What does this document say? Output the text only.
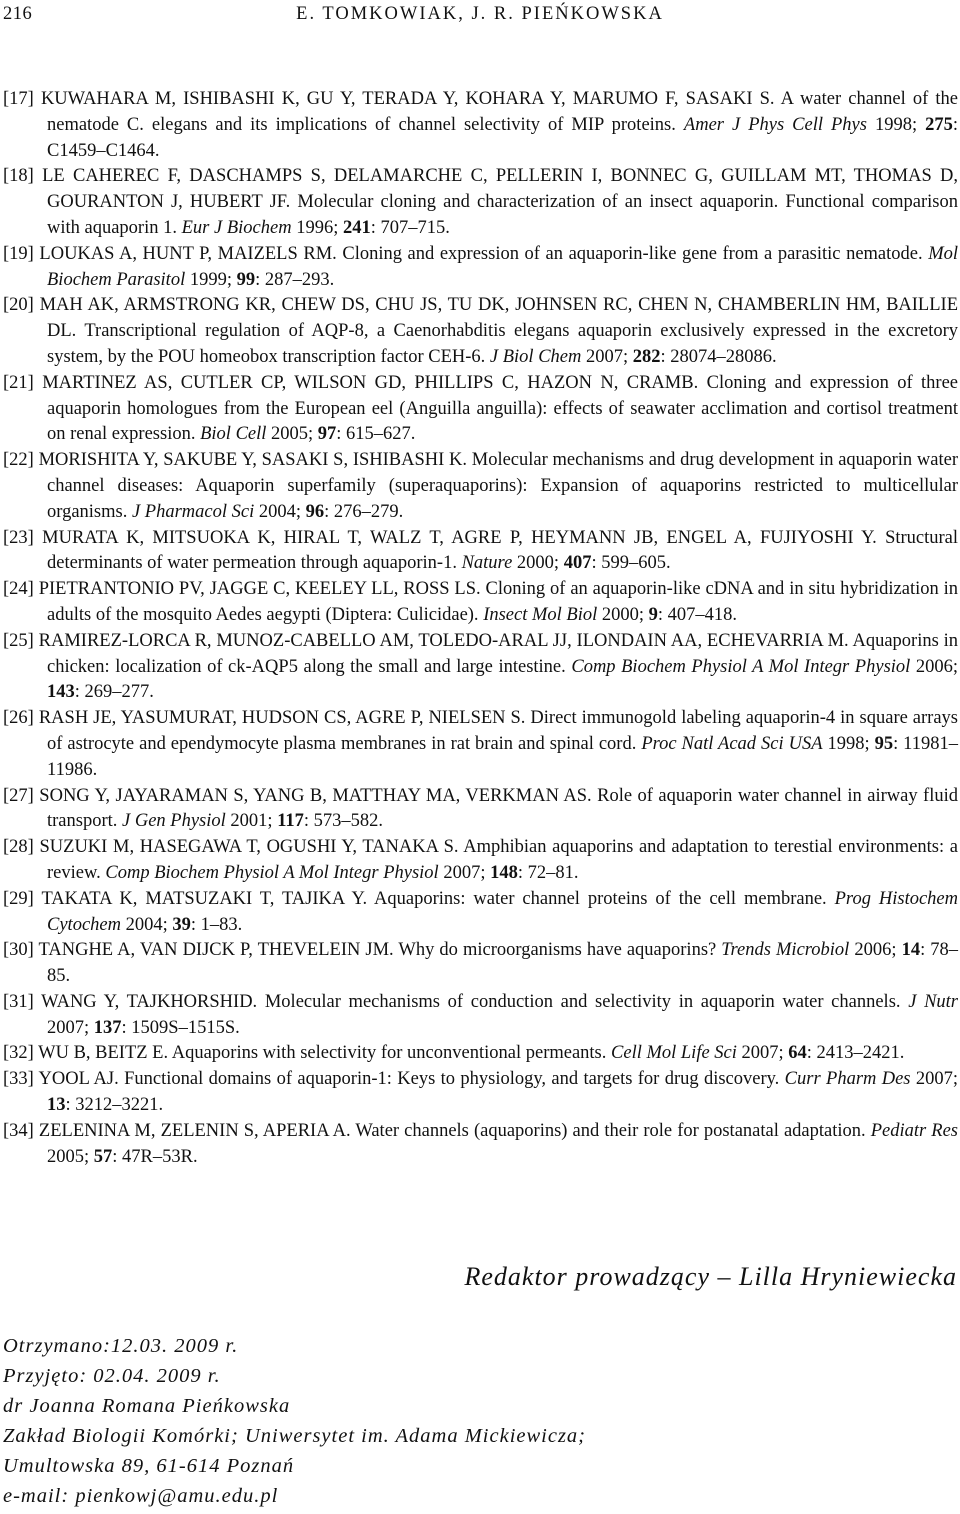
216	E. TOMKOWIAK, J. R. PIEŃKOWSKA

[17] KUWAHARA M, ISHIBASHI K, GU Y, TERADA Y, KOHARA Y, MARUMO F, SASAKI S. A water channel of the nematode C. elegans and its implications of channel selectivity of MIP proteins. Amer J Phys Cell Phys 1998; 275: C1459–C1464.

[18] LE CAHEREC F, DASCHAMPS S, DELAMARCHE C, PELLERIN I, BONNEC G, GUILLAM MT, THOMAS D, GOURANTON J, HUBERT JF. Molecular cloning and characterization of an insect aquaporin. Functional comparison with aquaporin 1. Eur J Biochem 1996; 241: 707–715.

[19] LOUKAS A, HUNT P, MAIZELS RM. Cloning and expression of an aquaporin-like gene from a parasitic nematode. Mol Biochem Parasitol 1999; 99: 287–293.

[20] MAH AK, ARMSTRONG KR, CHEW DS, CHU JS, TU DK, JOHNSEN RC, CHEN N, CHAMBERLIN HM, BAILLIE DL. Transcriptional regulation of AQP-8, a Caenorhabditis elegans aquaporin exclusively expressed in the excretory system, by the POU homeobox transcription factor CEH-6. J Biol Chem 2007; 282: 28074–28086.

[21] MARTINEZ AS, CUTLER CP, WILSON GD, PHILLIPS C, HAZON N, CRAMB. Cloning and expression of three aquaporin homologues from the European eel (Anguilla anguilla): effects of seawater acclimation and cortisol treatment on renal expression. Biol Cell 2005; 97: 615–627.

[22] MORISHITA Y, SAKUBE Y, SASAKI S, ISHIBASHI K. Molecular mechanisms and drug development in aquaporin water channel diseases: Aquaporin superfamily (superaquaporins): Expansion of aquaporins restricted to multicellular organisms. J Pharmacol Sci 2004; 96: 276–279.

[23] MURATA K, MITSUOKA K, HIRAL T, WALZ T, AGRE P, HEYMANN JB, ENGEL A, FUJIYOSHI Y. Structural determinants of water permeation through aquaporin-1. Nature 2000; 407: 599–605.

[24] PIETRANTONIO PV, JAGGE C, KEELEY LL, ROSS LS. Cloning of an aquaporin-like cDNA and in situ hybridization in adults of the mosquito Aedes aegypti (Diptera: Culicidae). Insect Mol Biol 2000; 9: 407–418.

[25] RAMIREZ-LORCA R, MUNOZ-CABELLO AM, TOLEDO-ARAL JJ, ILONDAIN AA, ECHEVARRIA M. Aquaporins in chicken: localization of ck-AQP5 along the small and large intestine. Comp Biochem Physiol A Mol Integr Physiol 2006; 143: 269–277.

[26] RASH JE, YASUMURAT, HUDSON CS, AGRE P, NIELSEN S. Direct immunogold labeling aquaporin-4 in square arrays of astrocyte and ependymocyte plasma membranes in rat brain and spinal cord. Proc Natl Acad Sci USA 1998; 95: 11981–11986.

[27] SONG Y, JAYARAMAN S, YANG B, MATTHAY MA, VERKMAN AS. Role of aquaporin water channel in airway fluid transport. J Gen Physiol 2001; 117: 573–582.

[28] SUZUKI M, HASEGAWA T, OGUSHI Y, TANAKA S. Amphibian aquaporins and adaptation to terestial environments: a review. Comp Biochem Physiol A Mol Integr Physiol 2007; 148: 72–81.

[29] TAKATA K, MATSUZAKI T, TAJIKA Y. Aquaporins: water channel proteins of the cell membrane. Prog Histochem Cytochem 2004; 39: 1–83.

[30] TANGHE A, VAN DIJCK P, THEVELEIN JM. Why do microorganisms have aquaporins? Trends Microbiol 2006; 14: 78–85.

[31] WANG Y, TAJKHORSHID. Molecular mechanisms of conduction and selectivity in aquaporin water channels. J Nutr 2007; 137: 1509S–1515S.

[32] WU B, BEITZ E. Aquaporins with selectivity for unconventional permeants. Cell Mol Life Sci 2007; 64: 2413–2421.

[33] YOOL AJ. Functional domains of aquaporin-1: Keys to physiology, and targets for drug discovery. Curr Pharm Des 2007; 13: 3212–3221.

[34] ZELENINA M, ZELENIN S, APERIA A. Water channels (aquaporins) and their role for postanatal adaptation. Pediatr Res 2005; 57: 47R–53R.

Redaktor prowadzący – Lilla Hryniewiecka
Otrzymano:12.03. 2009 r.
Przyjęto: 02.04. 2009 r.
dr Joanna Romana Pieńkowska
Zakład Biologii Komórki; Uniwersytet im. Adama Mickiewicza;
Umultowska 89, 61-614 Poznań
e-mail: pienkowj@amu.edu.pl
